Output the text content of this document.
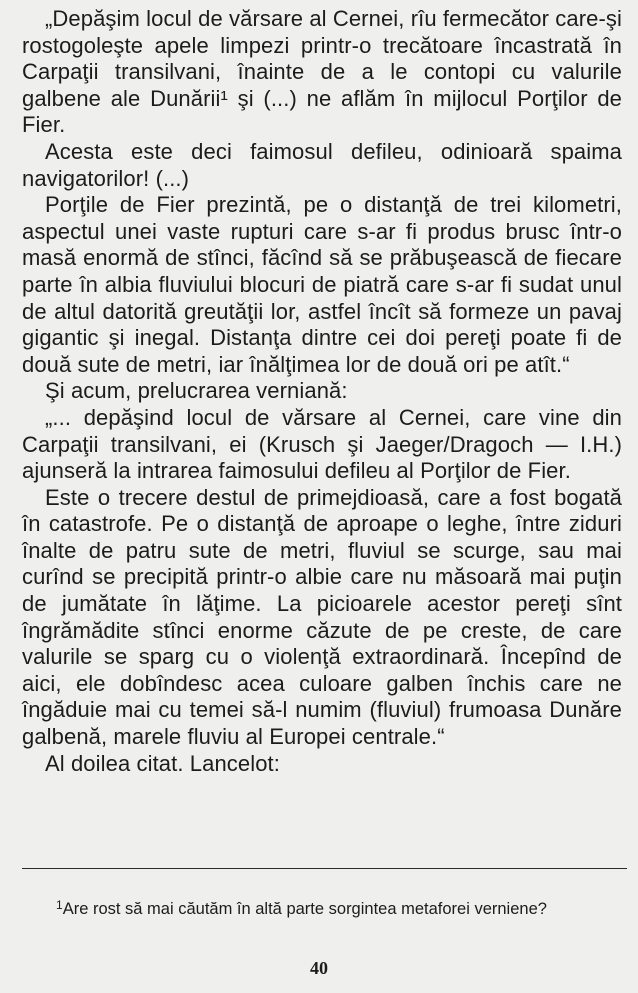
„Depăşim locul de vărsare al Cernei, rîu fermecător care-şi rostogoleşte apele limpezi printr-o trecătoare încastrată în Carpaţii transilvani, înainte de a le contopi cu valurile galbene ale Dunării¹ şi (...) ne aflăm în mijlocul Porţilor de Fier.

Acesta este deci faimosul defileu, odinioară spaima navigatorilor! (...)

Porţile de Fier prezintă, pe o distanţă de trei kilometri, aspectul unei vaste rupturi care s-ar fi produs brusc într-o masă enormă de stînci, făcînd să se prăbuşească de fiecare parte în albia fluviului blocuri de piatră care s-ar fi sudat unul de altul datorită greutăţii lor, astfel încît să formeze un pavaj gigantic şi inegal. Distanţa dintre cei doi pereţi poate fi de două sute de metri, iar înălţimea lor de două ori pe atît.“

Şi acum, prelucrarea verniană:

„... depăşind locul de vărsare al Cernei, care vine din Carpaţii transilvani, ei (Krusch şi Jaeger/Dragoch — I.H.) ajunseră la intrarea faimosului defileu al Porţilor de Fier.

Este o trecere destul de primejdioasă, care a fost bogată în catastrofe. Pe o distanţă de aproape o leghe, între ziduri înalte de patru sute de metri, fluviul se scurge, sau mai curînd se precipită printr-o albie care nu măsoară mai puţin de jumătate în lăţime. La picioarele acestor pereţi sînt îngrămădite stînci enorme căzute de pe creste, de care valurile se sparg cu o violenţă extraordinară. Începînd de aici, ele dobîndesc acea culoare galben închis care ne îngăduie mai cu temei să-l numim (fluviul) frumoasa Dunăre galbenă, marele fluviu al Europei centrale.“

Al doilea citat. Lancelot:

$^1$Are rost să mai căutăm în altă parte sorgintea metaforei verniene?
40
